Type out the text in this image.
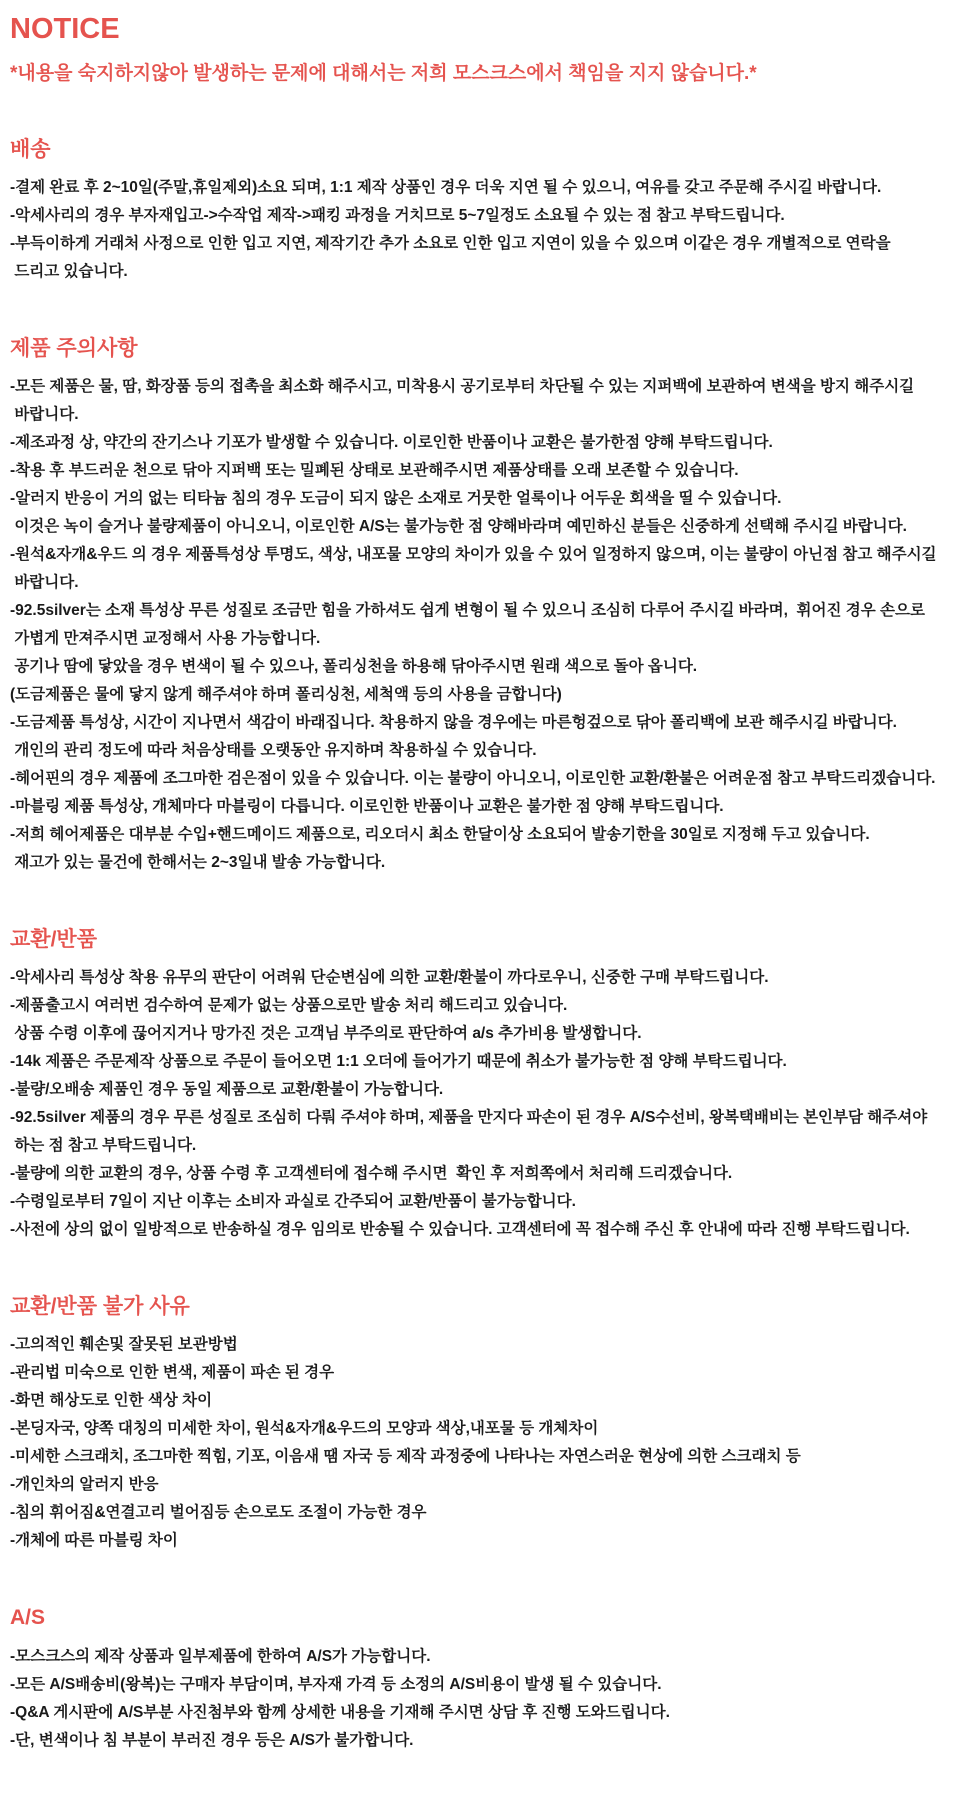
NOTICE

*내용을 숙지하지않아 발생하는 문제에 대해서는 저희 모스크스에서 책임을 지지 않습니다.*

배송

-결제 완료 후 2~10일(주말,휴일제외)소요 되며, 1:1 제작 상품인 경우 더욱 지연 될 수 있으니, 여유를 갖고 주문해 주시길 바랍니다.

-악세사리의 경우 부자재입고->수작업 제작->패킹 과정을 거치므로 5~7일정도 소요될 수 있는 점 참고 부탁드립니다.

-부득이하게 거래처 사정으로 인한 입고 지연, 제작기간 추가 소요로 인한 입고 지연이 있을 수 있으며 이같은 경우 개별적으로 연락을

드리고 있습니다.

제품 주의사항

-모든 제품은 물, 땀, 화장품 등의 접촉을 최소화 해주시고, 미착용시 공기로부터 차단될 수 있는 지퍼백에 보관하여 변색을 방지 해주시길

바랍니다.

-제조과정 상, 약간의 잔기스나 기포가 발생할 수 있습니다. 이로인한 반품이나 교환은 불가한점 양해 부탁드립니다.

-착용 후 부드러운 천으로 닦아 지퍼백 또는 밀폐된 상태로 보관해주시면 제품상태를 오래 보존할 수 있습니다.

-알러지 반응이 거의 없는 티타늄 침의 경우 도금이 되지 않은 소재로 거뭇한 얼룩이나 어두운 회색을 띨 수 있습니다.

이것은 녹이 슬거나 불량제품이 아니오니, 이로인한 A/S는 불가능한 점 양해바라며 예민하신 분들은 신중하게 선택해 주시길 바랍니다.

-원석&자개&우드 의 경우 제품특성상 투명도, 색상, 내포물 모양의 차이가 있을 수 있어 일정하지 않으며, 이는 불량이 아닌점 참고 해주시길

바랍니다.

-92.5silver는 소재 특성상 무른 성질로 조금만 힘을 가하셔도 쉽게 변형이 될 수 있으니 조심히 다루어 주시길 바라며,  휘어진 경우 손으로

가볍게 만져주시면 교정해서 사용 가능합니다.

공기나 땀에 닿았을 경우 변색이 될 수 있으나, 폴리싱천을 하용해 닦아주시면 원래 색으로 돌아 옵니다.

(도금제품은 물에 닿지 않게 해주셔야 하며 폴리싱천, 세척액 등의 사용을 금합니다)

-도금제품 특성상, 시간이 지나면서 색감이 바래집니다. 착용하지 않을 경우에는 마른헝겊으로 닦아 폴리백에 보관 해주시길 바랍니다.

개인의 관리 정도에 따라 처음상태를 오랫동안 유지하며 착용하실 수 있습니다.

-헤어핀의 경우 제품에 조그마한 검은점이 있을 수 있습니다. 이는 불량이 아니오니, 이로인한 교환/환불은 어려운점 참고 부탁드리겠습니다.

-마블링 제품 특성상, 개체마다 마블링이 다릅니다. 이로인한 반품이나 교환은 불가한 점 양해 부탁드립니다.

-저희 헤어제품은 대부분 수입+핸드메이드 제품으로, 리오더시 최소 한달이상 소요되어 발송기한을 30일로 지정해 두고 있습니다.

재고가 있는 물건에 한해서는 2~3일내 발송 가능합니다.

교환/반품

-악세사리 특성상 착용 유무의 판단이 어려워 단순변심에 의한 교환/환불이 까다로우니, 신중한 구매 부탁드립니다.

-제품출고시 여러번 검수하여 문제가 없는 상품으로만 발송 처리 해드리고 있습니다.

상품 수령 이후에 끊어지거나 망가진 것은 고객님 부주의로 판단하여 a/s 추가비용 발생합니다.

-14k 제품은 주문제작 상품으로 주문이 들어오면 1:1 오더에 들어가기 때문에 취소가 불가능한 점 양해 부탁드립니다.

-불량/오배송 제품인 경우 동일 제품으로 교환/환불이 가능합니다.

-92.5silver 제품의 경우 무른 성질로 조심히 다뤄 주셔야 하며, 제품을 만지다 파손이 된 경우 A/S수선비, 왕복택배비는 본인부담 해주셔야

하는 점 참고 부탁드립니다.

-불량에 의한 교환의 경우, 상품 수령 후 고객센터에 접수해 주시면  확인 후 저희쪽에서 처리해 드리겠습니다.

-수령일로부터 7일이 지난 이후는 소비자 과실로 간주되어 교환/반품이 불가능합니다.

-사전에 상의 없이 일방적으로 반송하실 경우 임의로 반송될 수 있습니다. 고객센터에 꼭 접수해 주신 후 안내에 따라 진행 부탁드립니다.

교환/반품 불가 사유

-고의적인 훼손및 잘못된 보관방법

-관리법 미숙으로 인한 변색, 제품이 파손 된 경우

-화면 해상도로 인한 색상 차이

-본딩자국, 양쪽 대칭의 미세한 차이, 원석&자개&우드의 모양과 색상,내포물 등 개체차이

-미세한 스크래치, 조그마한 찍힘, 기포, 이음새 땜 자국 등 제작 과정중에 나타나는 자연스러운 현상에 의한 스크래치 등

-개인차의 알러지 반응

-침의 휘어짐&연결고리 벌어짐등 손으로도 조절이 가능한 경우

-개체에 따른 마블링 차이

A/S

-모스크스의 제작 상품과 일부제품에 한하여 A/S가 가능합니다.

-모든 A/S배송비(왕복)는 구매자 부담이며, 부자재 가격 등 소정의 A/S비용이 발생 될 수 있습니다.

-Q&A 게시판에 A/S부분 사진첨부와 함께 상세한 내용을 기재해 주시면 상담 후 진행 도와드립니다.

-단, 변색이나 침 부분이 부러진 경우 등은 A/S가 불가합니다.
